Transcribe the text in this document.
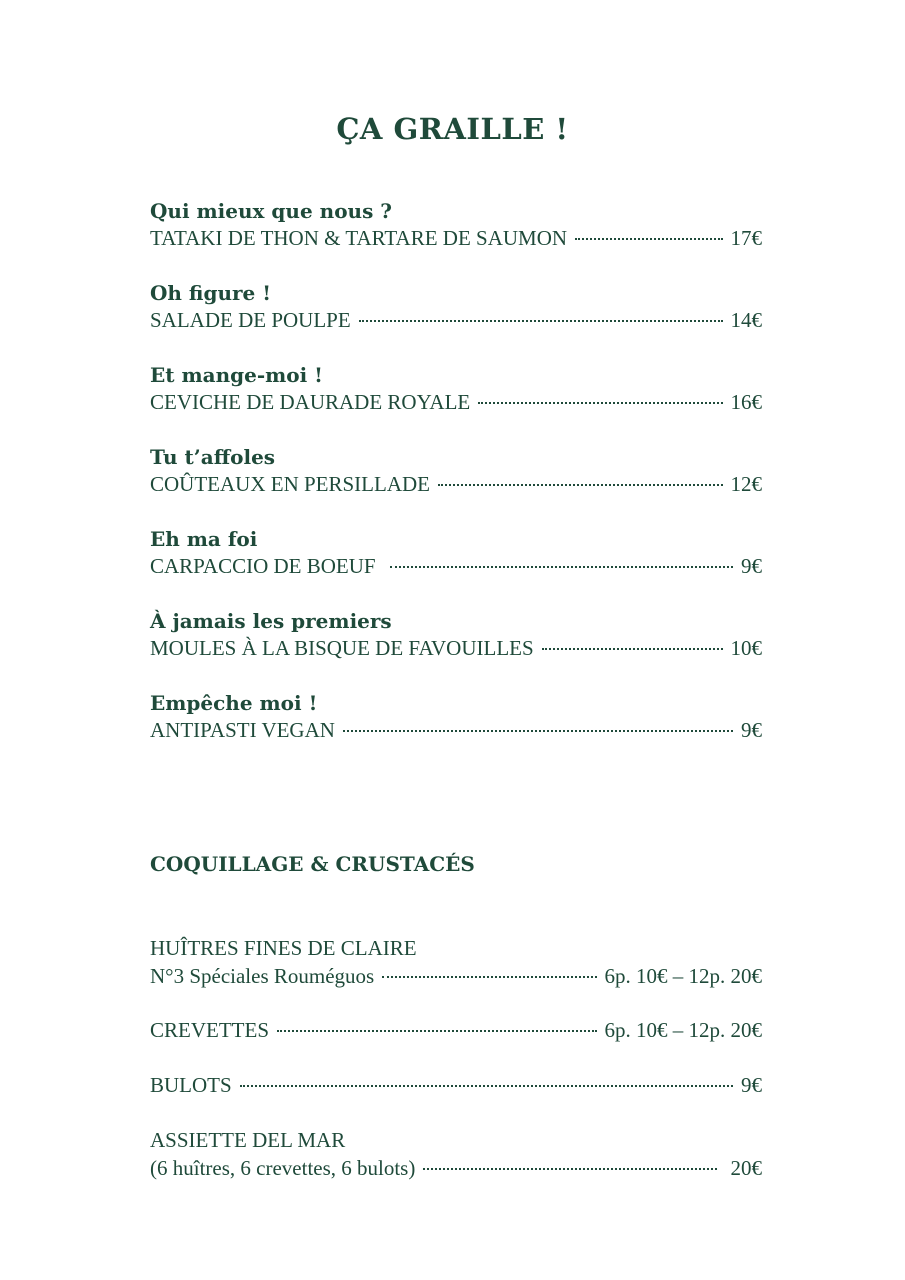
ÇA GRAILLE !
Qui mieux que nous ?
TATAKI DE THON & TARTARE DE SAUMON	17€
Oh figure !
SALADE DE POULPE	14€
Et mange-moi !
CEVICHE DE DAURADE ROYALE	16€
Tu t’affoles
COÛTEAUX EN PERSILLADE	12€
Eh ma foi
CARPACCIO DE BOEUF	9€
À jamais les premiers
MOULES À LA BISQUE DE FAVOUILLES	10€
Empêche moi !
ANTIPASTI VEGAN	9€
COQUILLAGE & CRUSTACÉS
HUÎTRES FINES DE CLAIRE
N°3 Spéciales Rouméguos	6p. 10€ – 12p. 20€
CREVETTES	6p. 10€ – 12p. 20€
BULOTS	9€
ASSIETTE DEL MAR
(6 huîtres, 6 crevettes, 6 bulots)	20€
